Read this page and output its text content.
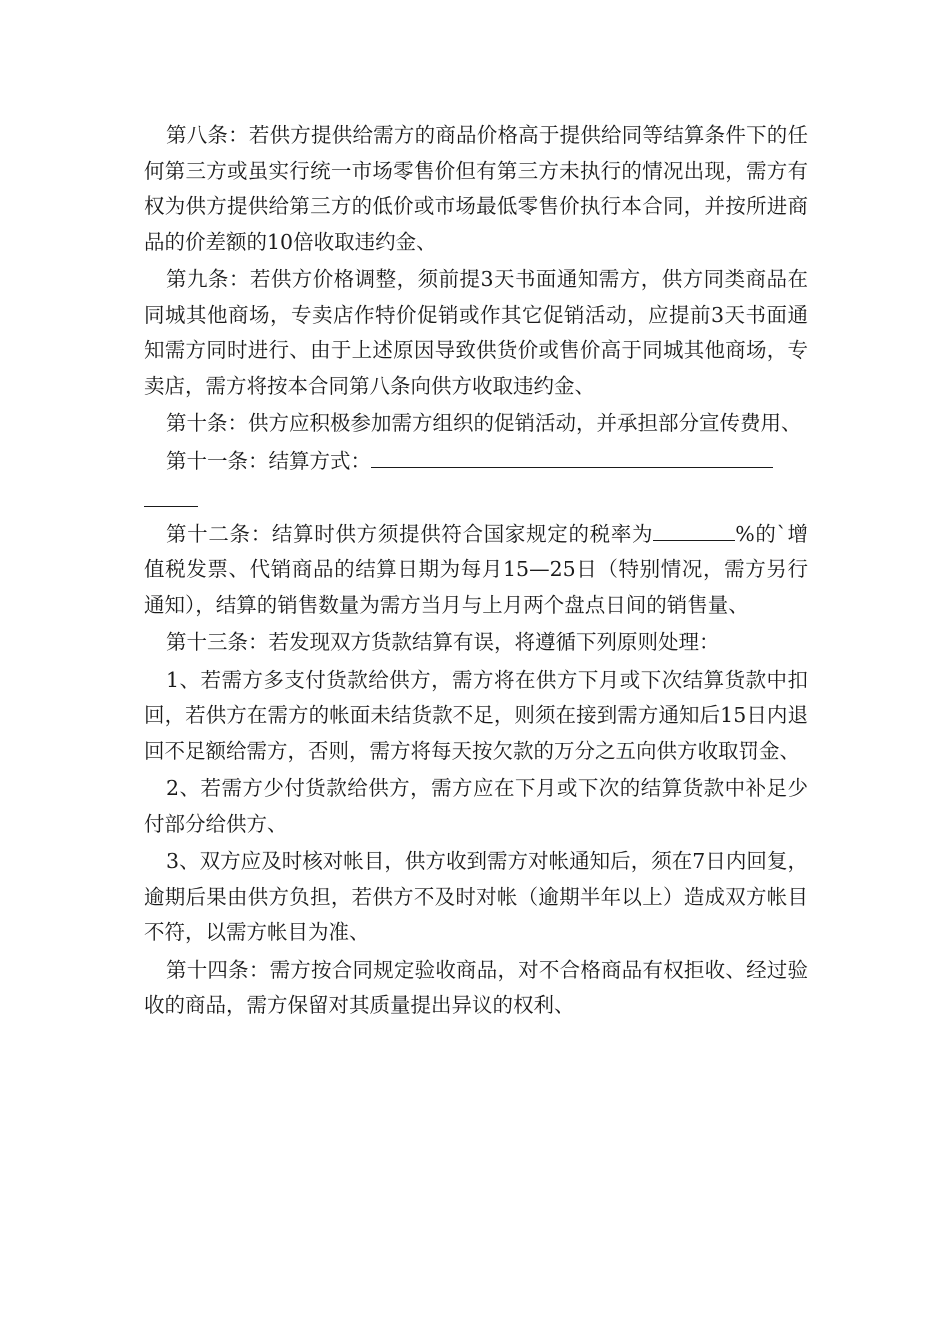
第八条：若供方提供给需方的商品价格高于提供给同等结算条件下的任何第三方或虽实行统一市场零售价但有第三方未执行的情况出现，需方有权为供方提供给第三方的低价或市场最低零售价执行本合同，并按所进商品的价差额的10倍收取违约金、

第九条：若供方价格调整，须前提3天书面通知需方，供方同类商品在同城其他商场，专卖店作特价促销或作其它促销活动，应提前3天书面通知需方同时进行、由于上述原因导致供货价或售价高于同城其他商场，专卖店，需方将按本合同第八条向供方收取违约金、

第十条：供方应积极参加需方组织的促销活动，并承担部分宣传费用、

第十一条：结算方式：

第十二条：结算时供方须提供符合国家规定的税率为	%的`增值税发票、代销商品的结算日期为每月15—25日（特别情况，需方另行通知），结算的销售数量为需方当月与上月两个盘点日间的销售量、

第十三条：若发现双方货款结算有误，将遵循下列原则处理：

1、若需方多支付货款给供方，需方将在供方下月或下次结算货款中扣回，若供方在需方的帐面未结货款不足，则须在接到需方通知后15日内退回不足额给需方，否则，需方将每天按欠款的万分之五向供方收取罚金、

2、若需方少付货款给供方，需方应在下月或下次的结算货款中补足少付部分给供方、

3、双方应及时核对帐目，供方收到需方对帐通知后，须在7日内回复，逾期后果由供方负担，若供方不及时对帐（逾期半年以上）造成双方帐目不符，以需方帐目为准、

第十四条：需方按合同规定验收商品，对不合格商品有权拒收、经过验收的商品，需方保留对其质量提出异议的权利、
